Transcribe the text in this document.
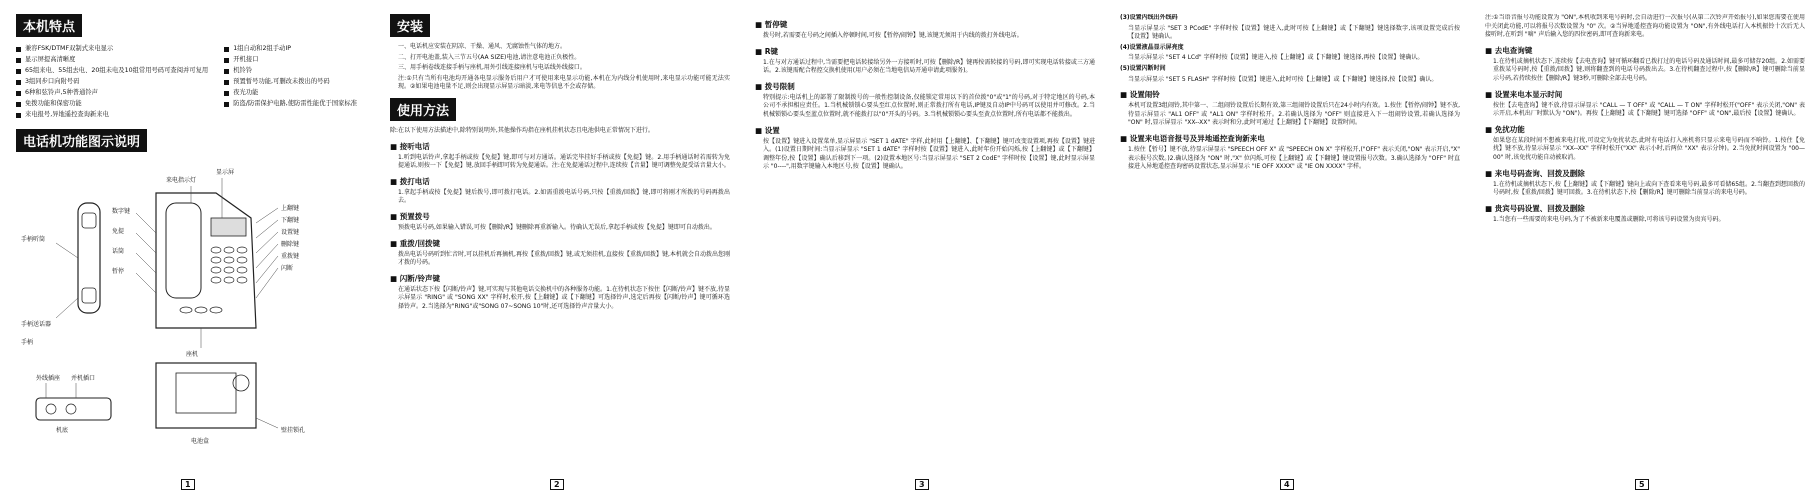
本机特点
兼容FSK/DTMF双制式来电显示	1组自动和2组手动IP
显示屏提高清晰度	开机接口
65组来电、55组去电、20组未电及10组常用号码可查阅并可复用	机铃铃
3组同步口向附号码	预置暂号功能,可删改未拨出的号码
6种和弦铃声,5种普通铃声	夜光功能
免拨功能和保密功能	防盗/防雷保护电路,使防雷性能优于国家标准
来电报号,异地遥控查询新来电
电话机功能图示说明
来电指示灯
显示屏
上翻键
下翻键
设置键
删除键
重拨键
闪断
数字键
免提
话筒
暂停
手柄听筒
手柄送话器
座机
外线插座 并机插口
机底	壁挂锁孔
手柄
电池盒
1
安装
一、电话机应安装在阴凉、干燥、通风、无腐蚀性气体的地方。
二、打开电池盖,装入三节五号(AA SIZE)电池,请注意电池正负极性。
三、用手柄卷线连接手柄与座机,用外引线连接座机与电话线外线接口。
注:①只有当所有电池均开通各电显示服务后用户才可使用来电显示功能,本机在为内线分机使用时,来电显示功能可能无法实现。②如果电池电量不足,则会出现显示屏显示暗淡,来电等信息不会或存储。
使用方法
除:在以下使用方法描述中,除特别说明外,其他操作均指在座机挂机状态且电池供电正常情况下进行。
■ 接听电话
1.听到电话铃声,拿起手柄或按【免提】键,即可与对方通话。通话完毕挂好手柄或按【免提】键。2.用手柄通话时若需转为免提通话,则按一下【免提】键,放回手柄即可转为免提通话。注:在免提通话过程中,连续按【音量】键可调整免提受话音量大小。
■ 拨打电话
1.拿起手柄或按【免提】键后拨号,即可拨打电话。2.如需重拨电话号码,只按【重拨/回拨】键,即可将刚才所拨的号码再拨出去。
■ 预置拨号
预拨电话号码,如果输入错误,可按【删除/R】键删除再重新输入。待确认无误后,拿起手柄或按【免提】键即可自动拨出。
■ 重拨/回拨键
拨出电话号码听到忙音时,可以挂机后再摘机,再按【重拨/回拨】键,或无须挂机,直接按【重拨/回拨】键,本机就会自动拨出您刚才拨的号码。
■ 闪断/铃声键
在通话状态下按【闪断/铃声】键,可实现与其他电话交换机中的各种服务功能。1.在待机状态下按住【闪断/铃声】键不放,待显示屏显示 "RING" 或 "SONG XX" 字样时,松开,按【上翻键】或【下翻键】可选择铃声,选定后再按【闪断/铃声】键可循环选择铃声。2.当选择为"RING"或"SONG 07~SONG 10"时,还可选择铃声音量大小。
2
■ 暂停键
拨号时,若需要在号码之间插入停顿时间,可按【暂停/闹钟】键,该键无须用于内线的拨打外线电话。
■ R键
1.在与对方通话过程中,当需要把电话转接给另外一方接听时,可按【删除/R】键再按需转接的号码,即可实现电话转接或三方通话。2.该键需配合程控交换机使用(用户必须在当地电信局开通申请此项服务)。
■ 拨号限制
特别提示:电话机上的部署了限制拨号的一般性控制设备,仅能锁定常用以下的首位拨"0"或"1"的号码,对于特定地区的号码,本公司不承担相应责任。1.当机械锁锁心要头至红点位置时,则正常拨打所有电话,IP键及自动IP中号码可以使用并可修改。2.当机械锁锁心要头至蓝点位置时,就不能拨打以"0"开头的号码。3.当机械锁锁心要头至黄点位置时,所有电话都不能拨出。
■ 设置
按【设置】键进入设置菜单,显示屏显示 "SET 1 dATE" 字样,此时用【上翻键】、【下翻键】键可改变设置项,再按【设置】键进入。(1)设置日期时间:当显示屏显示 "SET 1 dATE" 字样时按【设置】键进入,此时年份开始闪烁,按【上翻键】或【下翻键】调整年份,按【设置】确认后移到下一项。(2)设置本地区号:当显示屏显示 "SET 2 CodE" 字样时按【设置】键,此时显示屏显示 "0----",用数字键输入本地区号,按【设置】键确认。
3
(3)设置内线出外线码
当显示屏显示 "SET 3 PCodE" 字样时按【设置】键进入,此时可按【上翻键】或【下翻键】键选择数字,该项设置完成后按【设置】键确认。
(4)设置液晶显示屏亮度
当显示屏显示 "SET 4 LCd" 字样时按【设置】键进入,按【上翻键】或【下翻键】键选择,再按【设置】键确认。
(5)设置闪断时间
当显示屏显示 "SET 5 FLASH" 字样时按【设置】键进入,此时可按【上翻键】或【下翻键】键选择,按【设置】确认。
■ 设置闹铃
本机可设置3组闹铃,其中第一、二组闹铃设置后长期有效,第三组闹铃设置后只在24小时内有效。1.按住【暂停/闹钟】键不放,待显示屏显示 "AL1 OFF" 或 "AL1 ON" 字样时松开。2.若确认选择为 "OFF" 则直接进入下一组闹铃设置,若确认选择为 "ON" 时,显示屏显示 "XX--XX" 表示时和分,此时可通过【上翻键】【下翻键】设置时间。
■ 设置来电语音报号及异地遥控查询新来电
1.按住【暂号】键不放,待显示屏显示 "SPEECH OFF X" 或 "SPEECH ON X" 字样松开,("OFF" 表示关闭,"ON" 表示开启,"X" 表示报号次数。)2.确认选择为 "ON" 时,"X" 位闪烁,可按【上翻键】或【下翻键】键设置报号次数。3.确认选择为 "OFF" 时直接进入异地遥控查询密码设置状态,显示屏显示 "IE OFF XXXX" 或 "IE ON XXXX" 字样。
4
注:①当语音报号功能设置为 "ON",本机收到来电号码时,会自动进行一次报号(从第二次铃声开始报号),如果您需要在使用中关闭此功能,可以将报号次数设置为 "0" 次。②当异地遥控查询功能设置为 "ON",有外线电话打入本机振铃十次后无人接听时,在听到 "嘀" 声后输入您的四位密码,即可查询新来电。
■ 去电查询键
1.在待机或摘机状态下,连续按【去电查询】键可循环翻看已拨打过的电话号码及通话时间,最多可储存20组。2.如需要重拨某号码时,按【重拨/回拨】键,则将翻查到的电话号码拨出去。3.在待机翻查过程中,按【删除/R】键可删除当前显示号码,若持续按住【删除/R】键3秒,可删除全部去电号码。
■ 设置来电本显示时间
按住【去电查询】键不放,待显示屏显示 "CALL — T OFF" 或 "CALL — T ON" 字样时松开("OFF" 表示关闭,"ON" 表示开启,本机出厂时默认为 "ON")。再按【上翻键】或【下翻键】键可选择 "OFF" 或 "ON",最后按【设置】键确认。
■ 免扰功能
如果您在某段时间不想被来电打扰,可设定为免扰状态,此时有电话打入座机将只显示来电号码而不响铃。1.按住【免扰】键不放,待显示屏显示 "XX--XX" 字样时松开("XX" 表示小时,后两位 "XX" 表示分钟)。2.当免扰时间设置为 "00—00" 时,该免扰功能自动被取消。
■ 来电号码查询、回拨及删除
1.在待机或摘机状态下,按【上翻键】或【下翻键】键向上或向下查看来电号码,最多可看储65组。2.当翻查到想回拨的号码时,按【重拨/回拨】键可回拨。3.在待机状态下,按【删除/R】键可删除当前显示的来电号码。
■ 贵宾号码设置、回拨及删除
1.当您有一些需要的来电号码,为了不被新来电覆盖或删除,可将该号码设置为贵宾号码。
5
